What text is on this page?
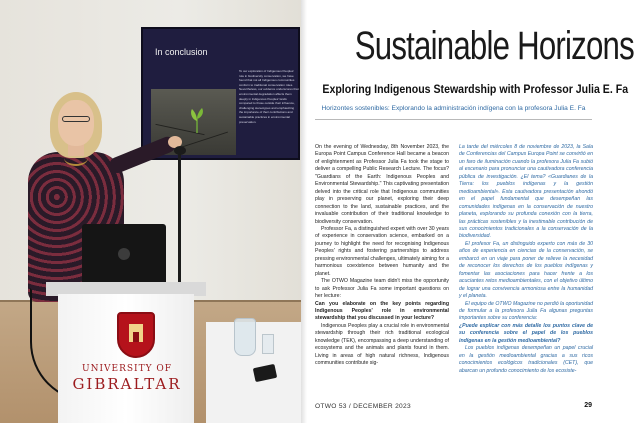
In conclusion
To our exploration of Indigenous Peoples' role in biodiversity conservation, we have found that not all Indigenous communities conform to traditional conservation roles. Nevertheless, our evidence underscores that environmental degradation affects them deeply in Indigenous Peoples' lands compared to those outside their influence, challenging stereotypes and emphasizing the importance of their contributions and sustainable practices in environmental preservation.
UNIVERSITY OF
GIBRALTAR
Sustainable Horizons
Exploring Indigenous Stewardship with Professor Julia E. Fa
Horizontes sostenibles: Explorando la administración indígena con la profesora Julia E. Fa

On the evening of Wednesday, 8th November 2023, the Europa Point Campus Conference Hall became a beacon of enlightenment as Professor Julia Fa took the stage to deliver a compelling Public Research Lecture. The focus? "Guardians of the Earth: Indigenous Peoples and Environmental Stewardship." This captivating presentation delved into the critical role that Indigenous communities play in preserving our planet, exploring their deep connection to the land, sustainable practices, and the invaluable contribution of their traditional knowledge to biodiversity conservation.

Professor Fa, a distinguished expert with over 30 years of experience in conservation science, embarked on a journey to highlight the need for recognising Indigenous Peoples' rights and fostering partnerships to address pressing environmental challenges, ultimately aiming for a harmonious coexistence between humanity and the planet.

The OTWO Magazine team didn't miss the opportunity to ask Professor Julia Fa some important questions on her lecture:

Can you elaborate on the key points regarding Indigenous Peoples' role in environmental stewardship that you discussed in your lecture?

Indigenous Peoples play a crucial role in environmental stewardship through their rich traditional ecological knowledge (TEK), encompassing a deep understanding of ecosystems and the animals and plants found in them. Living in areas of high natural richness, Indigenous communities contribute sig-

La tarde del miércoles 8 de noviembre de 2023, la Sala de Conferencias del Campus Europa Point se convirtió en un faro de iluminación cuando la profesora Julia Fa subió al escenario para pronunciar una cautivadora conferencia pública de investigación. ¿El tema? «Guardianes de la Tierra: los pueblos indígenas y la gestión medioambiental». Esta cautivadora presentación ahondó en el papel fundamental que desempeñan las comunidades indígenas en la conservación de nuestro planeta, explorando su profunda conexión con la tierra, las prácticas sostenibles y la inestimable contribución de sus conocimientos tradicionales a la conservación de la biodiversidad.

El profesor Fa, un distinguido experto con más de 30 años de experiencia en ciencias de la conservación, se embarcó en un viaje para poner de relieve la necesidad de reconocer los derechos de los pueblos indígenas y fomentar las asociaciones para hacer frente a los acuciantes retos medioambientales, con el objetivo último de lograr una convivencia armoniosa entre la humanidad y el planeta.

El equipo de OTWO Magazine no perdió la oportunidad de formular a la profesora Julia Fa algunas preguntas importantes sobre su conferencia:

¿Puede explicar con más detalle los puntos clave de su conferencia sobre el papel de los pueblos indígenas en la gestión medioambiental?

Los pueblos indígenas desempeñan un papel crucial en la gestión medioambiental gracias a sus ricos conocimientos ecológicos tradicionales (CET), que abarcan un profundo conocimiento de los ecosiste-

OTWO 53 / DECEMBER 2023	29
